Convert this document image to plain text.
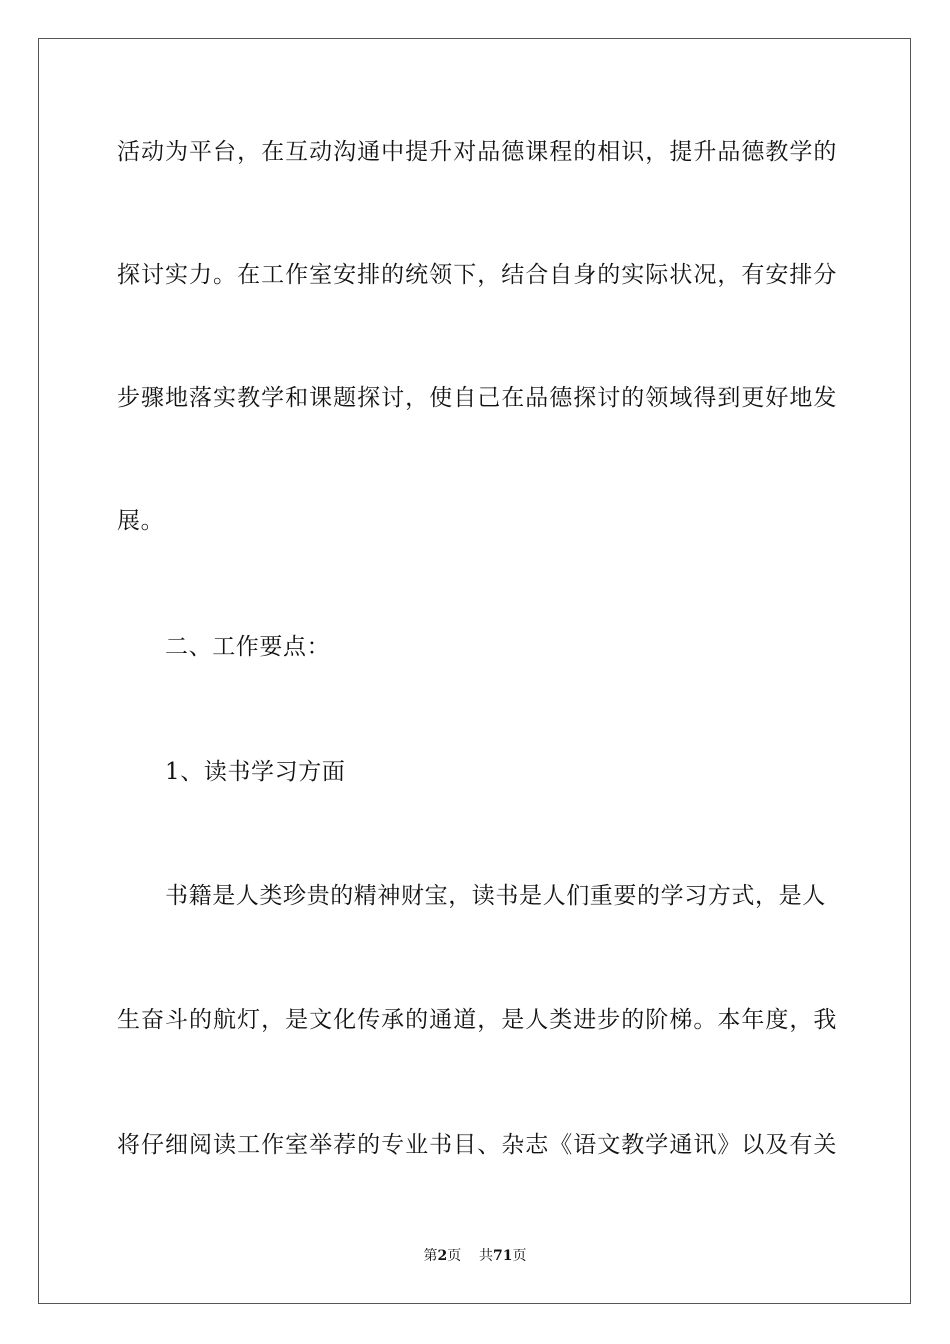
活动为平台，在互动沟通中提升对品德课程的相识，提升品德教学的
探讨实力。在工作室安排的统领下，结合自身的实际状况，有安排分
步骤地落实教学和课题探讨，使自己在品德探讨的领域得到更好地发
展。
二、工作要点：
1、读书学习方面
书籍是人类珍贵的精神财宝，读书是人们重要的学习方式，是人
生奋斗的航灯，是文化传承的通道，是人类进步的阶梯。本年度，我
将仔细阅读工作室举荐的专业书目、杂志《语文教学通讯》以及有关
第2页 共71页
